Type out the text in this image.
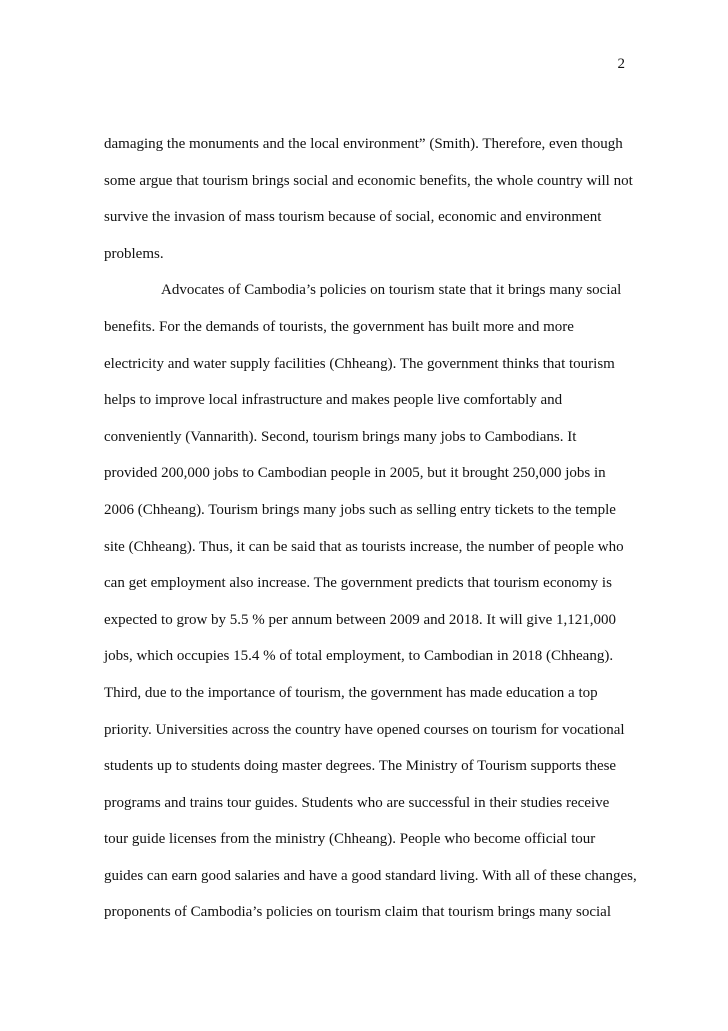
2
damaging the monuments and the local environment” (Smith). Therefore, even though
some argue that tourism brings social and economic benefits, the whole country will not
survive the invasion of mass tourism because of social, economic and environment
problems.
Advocates of Cambodia’s policies on tourism state that it brings many social
benefits. For the demands of tourists, the government has built more and more
electricity and water supply facilities (Chheang). The government thinks that tourism
helps to improve local infrastructure and makes people live comfortably and
conveniently (Vannarith). Second, tourism brings many jobs to Cambodians. It
provided 200,000 jobs to Cambodian people in 2005, but it brought 250,000 jobs in
2006 (Chheang). Tourism brings many jobs such as selling entry tickets to the temple
site (Chheang). Thus, it can be said that as tourists increase, the number of people who
can get employment also increase. The government predicts that tourism economy is
expected to grow by 5.5 % per annum between 2009 and 2018. It will give 1,121,000
jobs, which occupies 15.4 % of total employment, to Cambodian in 2018 (Chheang).
Third, due to the importance of tourism, the government has made education a top
priority. Universities across the country have opened courses on tourism for vocational
students up to students doing master degrees. The Ministry of Tourism supports these
programs and trains tour guides. Students who are successful in their studies receive
tour guide licenses from the ministry (Chheang). People who become official tour
guides can earn good salaries and have a good standard living. With all of these changes,
proponents of Cambodia’s policies on tourism claim that tourism brings many social
